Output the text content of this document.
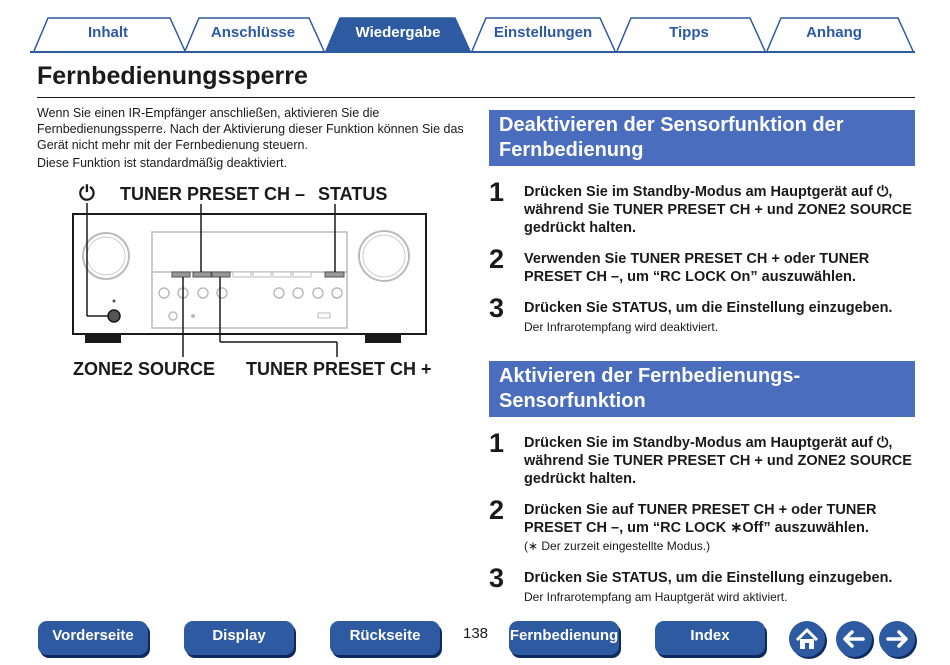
Inhalt	Anschlüsse	Wiedergabe	Einstellungen	Tipps	Anhang
Fernbedienungssperre

Wenn Sie einen IR-Empfänger anschließen, aktivieren Sie die Fernbedienungssperre. Nach der Aktivierung dieser Funktion können Sie das Gerät nicht mehr mit der Fernbedienung steuern.

Diese Funktion ist standardmäßig deaktiviert.

⏻ TUNER PRESET CH – STATUS
ZONE2 SOURCE TUNER PRESET CH +
Deaktivieren der Sensorfunktion der Fernbedienung
1 Drücken Sie im Standby-Modus am Hauptgerät auf ⏻, während Sie TUNER PRESET CH + und ZONE2 SOURCE gedrückt halten.
2 Verwenden Sie TUNER PRESET CH + oder TUNER PRESET CH –, um “RC LOCK On” auszuwählen.
3 Drücken Sie STATUS, um die Einstellung einzugeben.
Der Infrarotempfang wird deaktiviert.
Aktivieren der Fernbedienungs-Sensorfunktion
1 Drücken Sie im Standby-Modus am Hauptgerät auf ⏻, während Sie TUNER PRESET CH + und ZONE2 SOURCE gedrückt halten.
2 Drücken Sie auf TUNER PRESET CH + oder TUNER PRESET CH –, um “RC LOCK ∗Off” auszuwählen.
(∗ Der zurzeit eingestellte Modus.)
3 Drücken Sie STATUS, um die Einstellung einzugeben.
Der Infrarotempfang am Hauptgerät wird aktiviert.
Vorderseite	Display	Rückseite	138 Fernbedienung	Index
